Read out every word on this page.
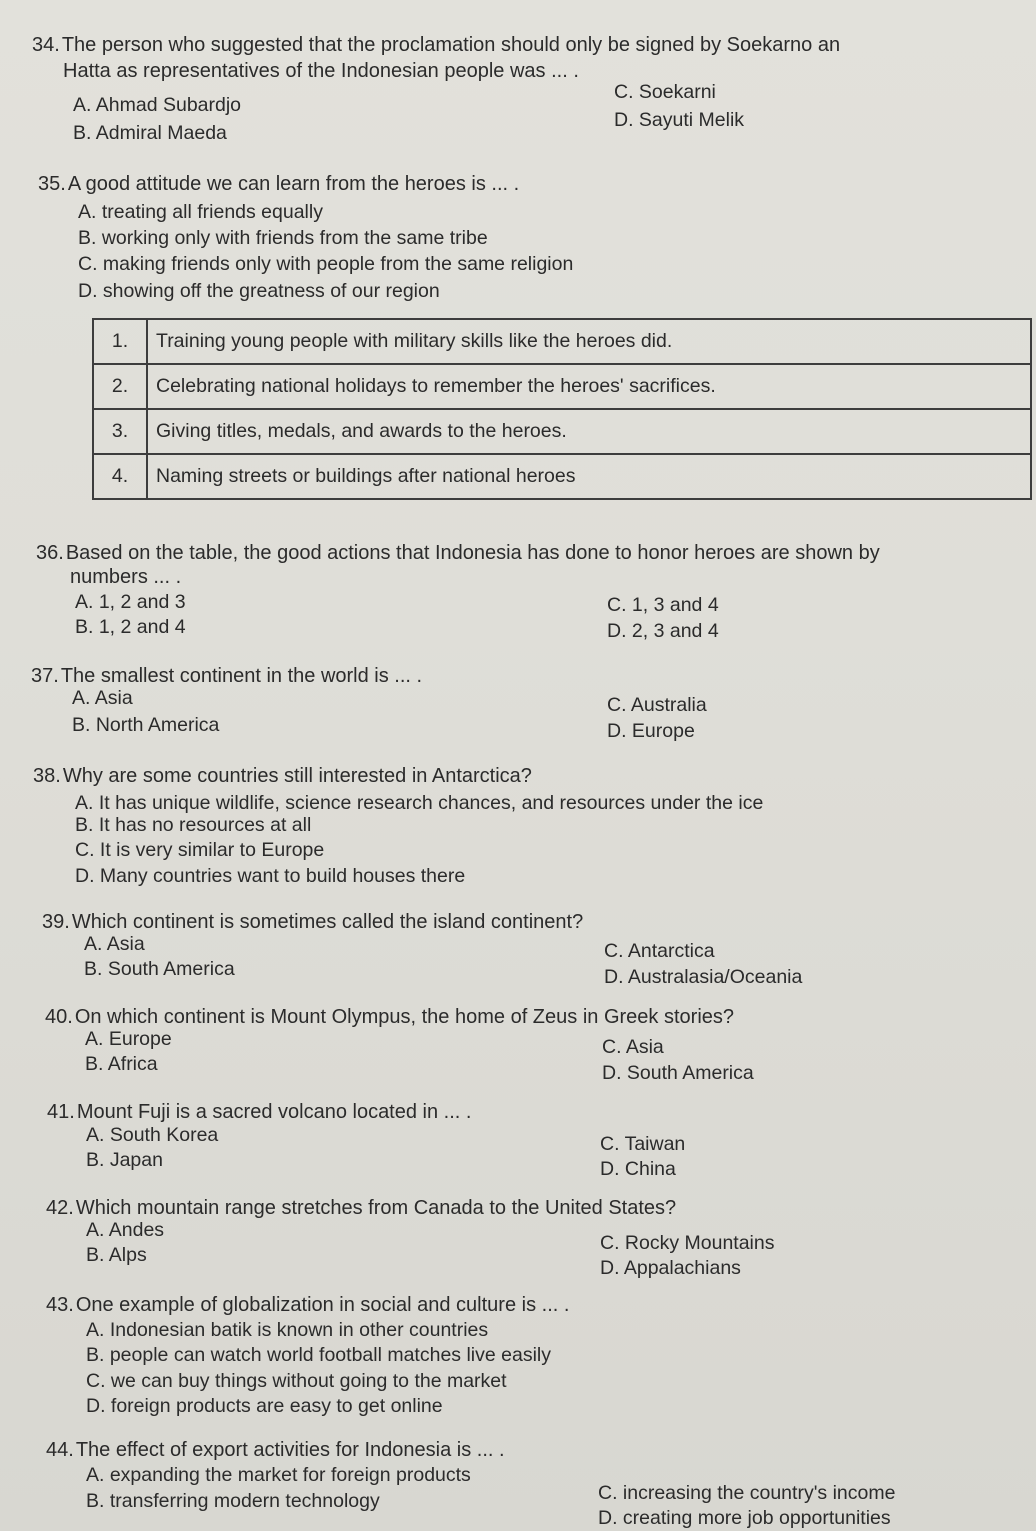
34. The person who suggested that the proclamation should only be signed by Soekarno an
Hatta as representatives of the Indonesian people was ... .
A. Ahmad Subardjo
B. Admiral Maeda
C. Soekarni
D. Sayuti Melik
35. A good attitude we can learn from the heroes is ... .
A. treating all friends equally
B. working only with friends from the same tribe
C. making friends only with people from the same religion
D. showing off the greatness of our region
1.	Training young people with military skills like the heroes did.
2.	Celebrating national holidays to remember the heroes' sacrifices.
3.	Giving titles, medals, and awards to the heroes.
4.	Naming streets or buildings after national heroes
36. Based on the table, the good actions that Indonesia has done to honor heroes are shown by
numbers ... .
A. 1, 2 and 3
B. 1, 2 and 4
C. 1, 3 and 4
D. 2, 3 and 4
37. The smallest continent in the world is ... .
A. Asia
B. North America
C. Australia
D. Europe
38. Why are some countries still interested in Antarctica?
A. It has unique wildlife, science research chances, and resources under the ice
B. It has no resources at all
C. It is very similar to Europe
D. Many countries want to build houses there
39. Which continent is sometimes called the island continent?
A. Asia
B. South America
C. Antarctica
D. Australasia/Oceania
40. On which continent is Mount Olympus, the home of Zeus in Greek stories?
A. Europe
B. Africa
C. Asia
D. South America
41. Mount Fuji is a sacred volcano located in ... .
A. South Korea
B. Japan
C. Taiwan
D. China
42. Which mountain range stretches from Canada to the United States?
A. Andes
B. Alps
C. Rocky Mountains
D. Appalachians
43. One example of globalization in social and culture is ... .
A. Indonesian batik is known in other countries
B. people can watch world football matches live easily
C. we can buy things without going to the market
D. foreign products are easy to get online
44. The effect of export activities for Indonesia is ... .
A. expanding the market for foreign products
B. transferring modern technology	C. increasing the country's income
D. creating more job opportunities
